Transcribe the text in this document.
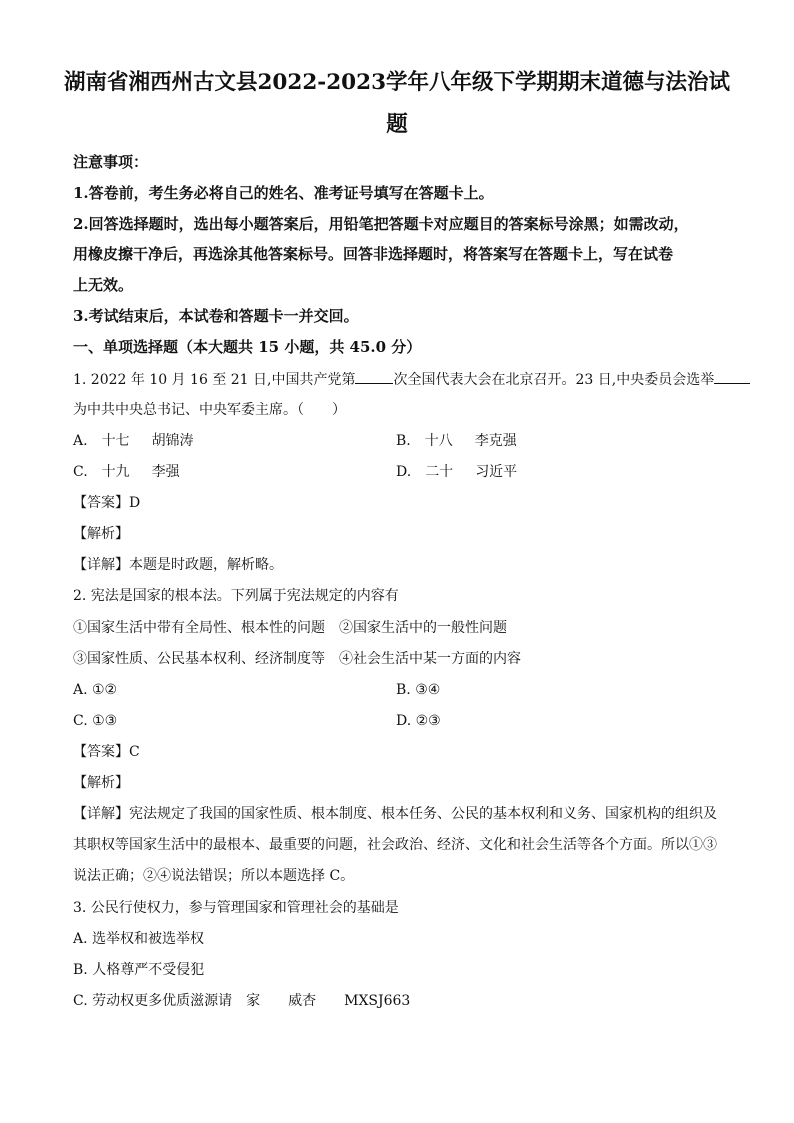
湖南省湘西州古文县2022-2023学年八年级下学期期末道德与法治试
题
注意事项：
1.答卷前，考生务必将自己的姓名、准考证号填写在答题卡上。
2.回答选择题时，选出每小题答案后，用铅笔把答题卡对应题目的答案标号涂黑；如需改动，
用橡皮擦干净后，再选涂其他答案标号。回答非选择题时，将答案写在答题卡上，写在试卷
上无效。
3.考试结束后，本试卷和答题卡一并交回。
一、单项选择题（本大题共 15 小题，共 45.0 分）
1. 2022 年 10 月 16 至 21 日,中国共产党第	次全国代表大会在北京召开。23 日,中央委员会选举
为中共中央总书记、中央军委主席。（　　）
A. 十七 胡锦涛	B. 十八 李克强
C. 十九 李强	D. 二十 习近平
【答案】D
【解析】
【详解】本题是时政题，解析略。
2. 宪法是国家的根本法。下列属于宪法规定的内容有
①国家生活中带有全局性、根本性的问题　②国家生活中的一般性问题
③国家性质、公民基本权利、经济制度等　④社会生活中某一方面的内容
A. ①②	B. ③④
C. ①③	D. ②③
【答案】C
【解析】
【详解】宪法规定了我国的国家性质、根本制度、根本任务、公民的基本权利和义务、国家机构的组织及
其职权等国家生活中的最根本、最重要的问题，社会政治、经济、文化和社会生活等各个方面。所以①③
说法正确；②④说法错误；所以本题选择 C。
3. 公民行使权力，参与管理国家和管理社会的基础是
A. 选举权和被选举权
B. 人格尊严不受侵犯
C. 劳动权更多优质滋源请　家　　威杏　　MXSJ663
